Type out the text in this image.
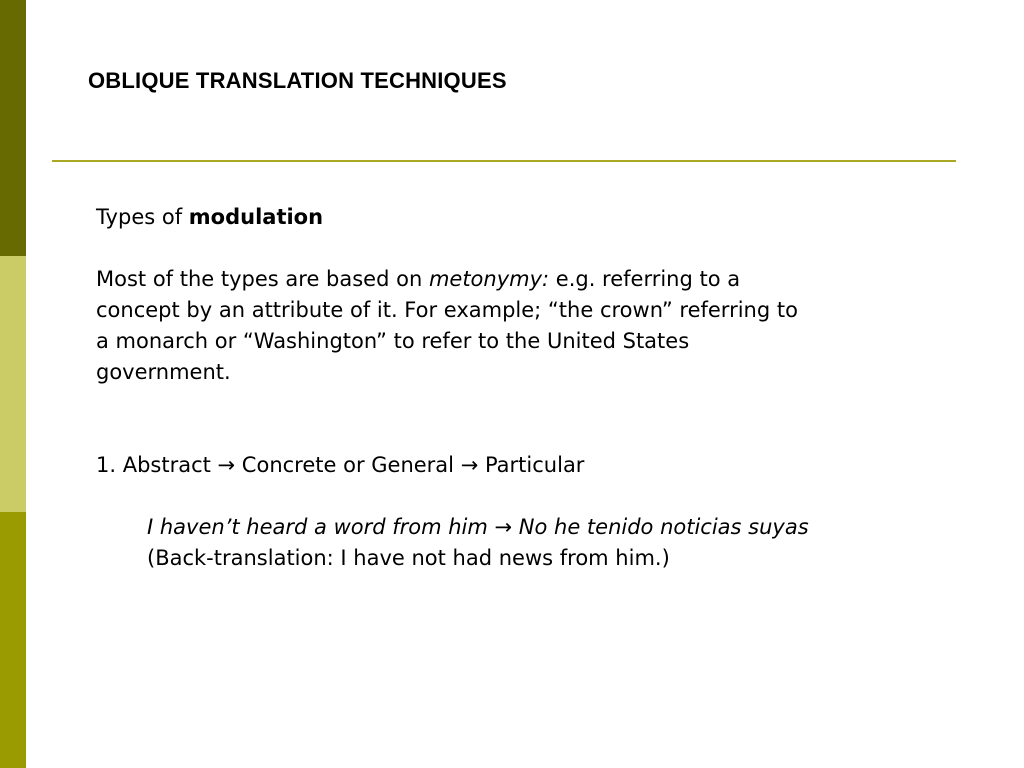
OBLIQUE TRANSLATION TECHNIQUES

Types of modulation

Most of the types are based on metonymy: e.g. referring to a
concept by an attribute of it. For example; “the crown” referring to
a monarch or “Washington” to refer to the United States
government.

1. Abstract → Concrete or General → Particular

I haven’t heard a word from him → No he tenido noticias suyas

(Back-translation: I have not had news from him.)
